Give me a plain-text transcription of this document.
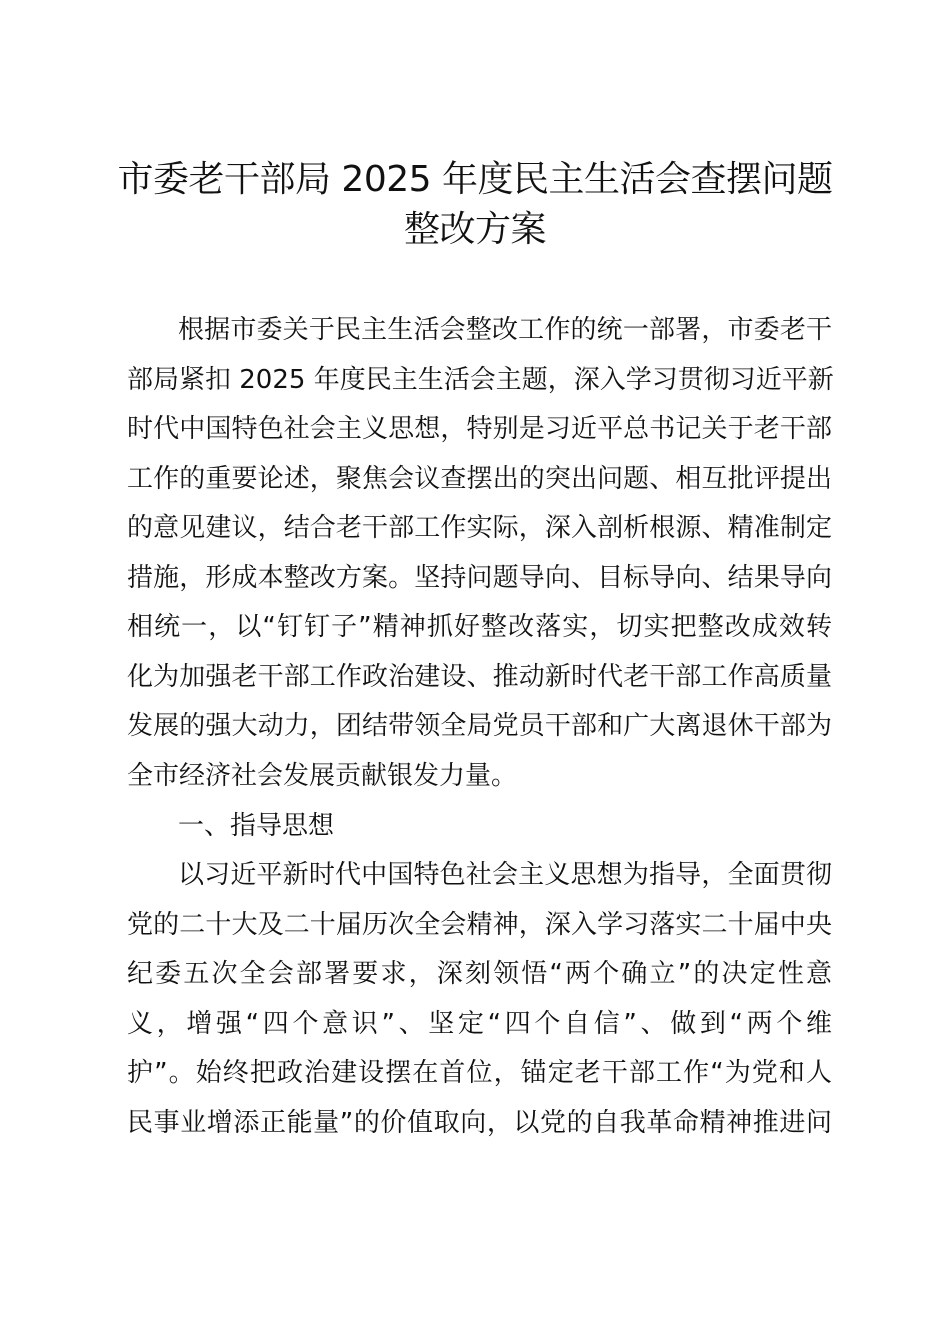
市委老干部局 2025 年度民主生活会查摆问题
整改方案
根据市委关于民主生活会整改工作的统一部署，市委老干
部局紧扣 2025 年度民主生活会主题，深入学习贯彻习近平新
时代中国特色社会主义思想，特别是习近平总书记关于老干部
工作的重要论述，聚焦会议查摆出的突出问题、相互批评提出
的意见建议，结合老干部工作实际，深入剖析根源、精准制定
措施，形成本整改方案。坚持问题导向、目标导向、结果导向
相统一，以“钉钉子”精神抓好整改落实，切实把整改成效转
化为加强老干部工作政治建设、推动新时代老干部工作高质量
发展的强大动力，团结带领全局党员干部和广大离退休干部为
全市经济社会发展贡献银发力量。
一、指导思想
以习近平新时代中国特色社会主义思想为指导，全面贯彻
党的二十大及二十届历次全会精神，深入学习落实二十届中央
纪委五次全会部署要求，深刻领悟“两个确立”的决定性意
义，增强“四个意识”、坚定“四个自信”、做到“两个维
护”。始终把政治建设摆在首位，锚定老干部工作“为党和人
民事业增添正能量”的价值取向，以党的自我革命精神推进问
